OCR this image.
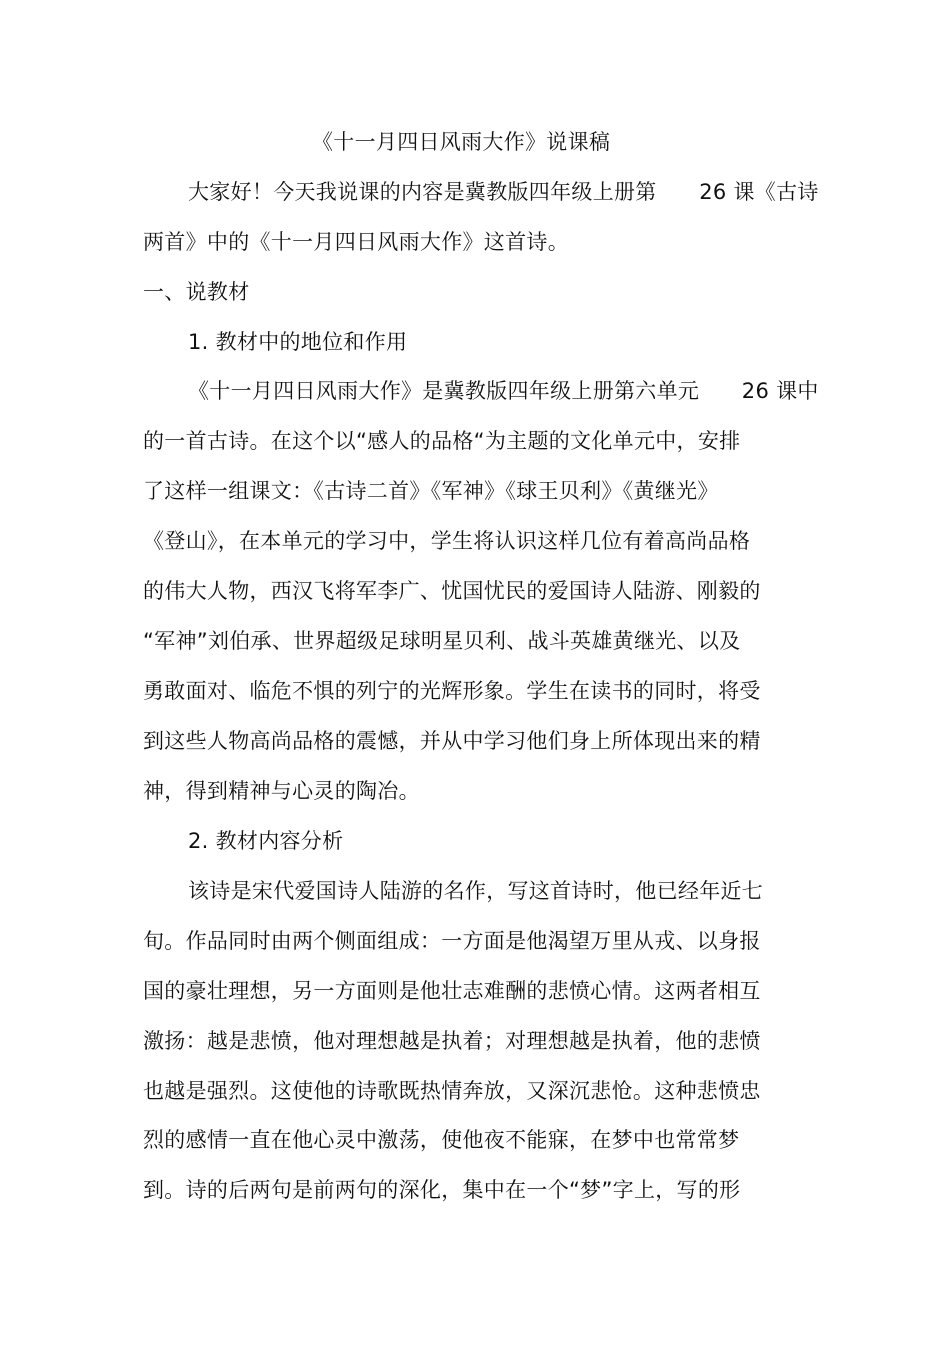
《十一月四日风雨大作》说课稿
大家好！今天我说课的内容是冀教版四年级上册第　　26 课《古诗
两首》中的《十一月四日风雨大作》这首诗。
一、说教材
1. 教材中的地位和作用
《十一月四日风雨大作》是冀教版四年级上册第六单元　　26 课中
的一首古诗。在这个以“感人的品格“为主题的文化单元中，安排
了这样一组课文：《古诗二首》《军神》《球王贝利》《黄继光》
《登山》，在本单元的学习中，学生将认识这样几位有着高尚品格
的伟大人物，西汉飞将军李广、忧国忧民的爱国诗人陆游、刚毅的
“军神”刘伯承、世界超级足球明星贝利、战斗英雄黄继光、以及
勇敢面对、临危不惧的列宁的光辉形象。学生在读书的同时，将受
到这些人物高尚品格的震憾，并从中学习他们身上所体现出来的精
神，得到精神与心灵的陶冶。
2. 教材内容分析
该诗是宋代爱国诗人陆游的名作，写这首诗时，他已经年近七
旬。作品同时由两个侧面组成：一方面是他渴望万里从戎、以身报
国的豪壮理想，另一方面则是他壮志难酬的悲愤心情。这两者相互
激扬：越是悲愤，他对理想越是执着；对理想越是执着，他的悲愤
也越是强烈。这使他的诗歌既热情奔放，又深沉悲怆。这种悲愤忠
烈的感情一直在他心灵中激荡，使他夜不能寐，在梦中也常常梦
到。诗的后两句是前两句的深化，集中在一个“梦”字上，写的形
